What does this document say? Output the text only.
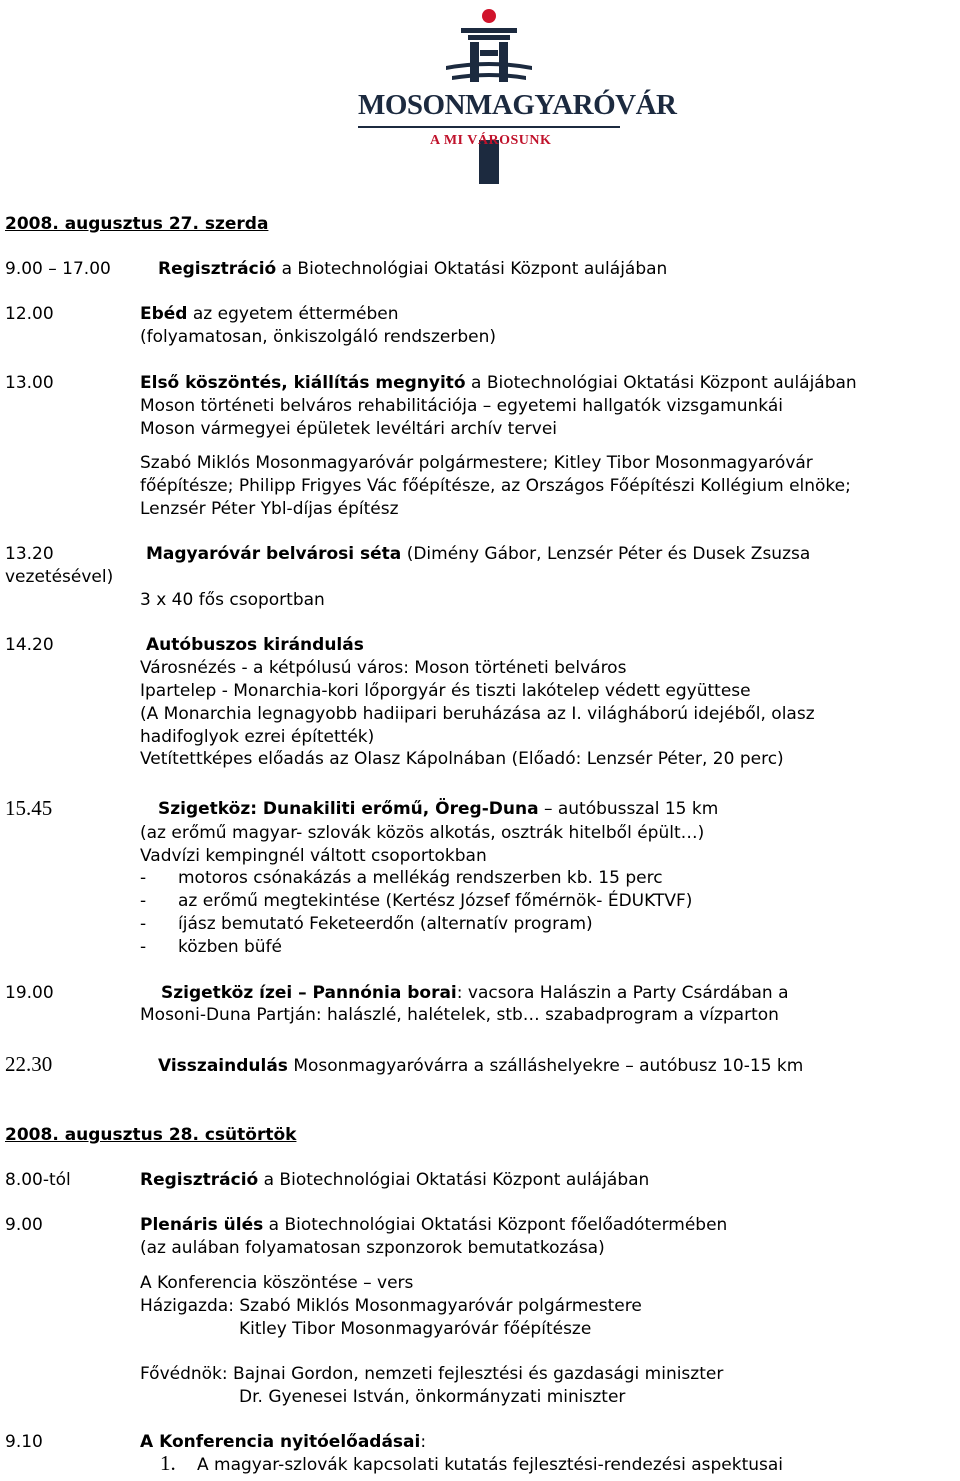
MOSONMAGYARÓVÁR
A MI VÁROSUNK
2008. augusztus 27. szerda
9.00 – 17.00	Regisztráció a Biotechnológiai Oktatási Központ aulájában
12.00	Ebéd az egyetem éttermében
(folyamatosan, önkiszolgáló rendszerben)
13.00	Első köszöntés, kiállítás megnyitó a Biotechnológiai Oktatási Központ aulájában
Moson történeti belváros rehabilitációja – egyetemi hallgatók vizsgamunkái
Moson vármegyei épületek levéltári archív tervei
Szabó Miklós Mosonmagyaróvár polgármestere; Kitley Tibor Mosonmagyaróvár
főépítésze; Philipp Frigyes Vác főépítésze, az Országos Főépítészi Kollégium elnöke;
Lenzsér Péter Ybl-díjas építész
13.20	Magyaróvár belvárosi séta (Dimény Gábor, Lenzsér Péter és Dusek Zsuzsa
vezetésével)
3 x 40 fős csoportban
14.20	Autóbuszos kirándulás
Városnézés - a kétpólusú város: Moson történeti belváros
Ipartelep - Monarchia-kori lőporgyár és tiszti lakótelep védett együttese
(A Monarchia legnagyobb hadiipari beruházása az I. világháború idejéből, olasz
hadifoglyok ezrei építették)
Vetítettképes előadás az Olasz Kápolnában (Előadó: Lenzsér Péter, 20 perc)
15.45	Szigetköz: Dunakiliti erőmű, Öreg-Duna – autóbusszal 15 km
(az erőmű magyar- szlovák közös alkotás, osztrák hitelből épült…)
Vadvízi kempingnél váltott csoportokban
- motoros csónakázás a mellékág rendszerben kb. 15 perc
- az erőmű megtekintése (Kertész József főmérnök- ÉDUKTVF)
- íjász bemutató Feketeerdőn (alternatív program)
- közben büfé
19.00	Szigetköz ízei – Pannónia borai: vacsora Halászin a Party Csárdában a
Mosoni-Duna Partján: halászlé, halételek, stb… szabadprogram a vízparton
22.30	Visszaindulás Mosonmagyaróvárra a szálláshelyekre – autóbusz 10-15 km
2008. augusztus 28. csütörtök
8.00-tól	Regisztráció a Biotechnológiai Oktatási Központ aulájában
9.00	Plenáris ülés a Biotechnológiai Oktatási Központ főelőadótermében
(az aulában folyamatosan szponzorok bemutatkozása)
A Konferencia köszöntése – vers
Házigazda: Szabó Miklós Mosonmagyaróvár polgármestere
Kitley Tibor Mosonmagyaróvár főépítésze
Fővédnök: Bajnai Gordon, nemzeti fejlesztési és gazdasági miniszter
Dr. Gyenesei István, önkormányzati miniszter
9.10	A Konferencia nyitóelőadásai:
1. A magyar-szlovák kapcsolati kutatás fejlesztési-rendezési aspektusai
